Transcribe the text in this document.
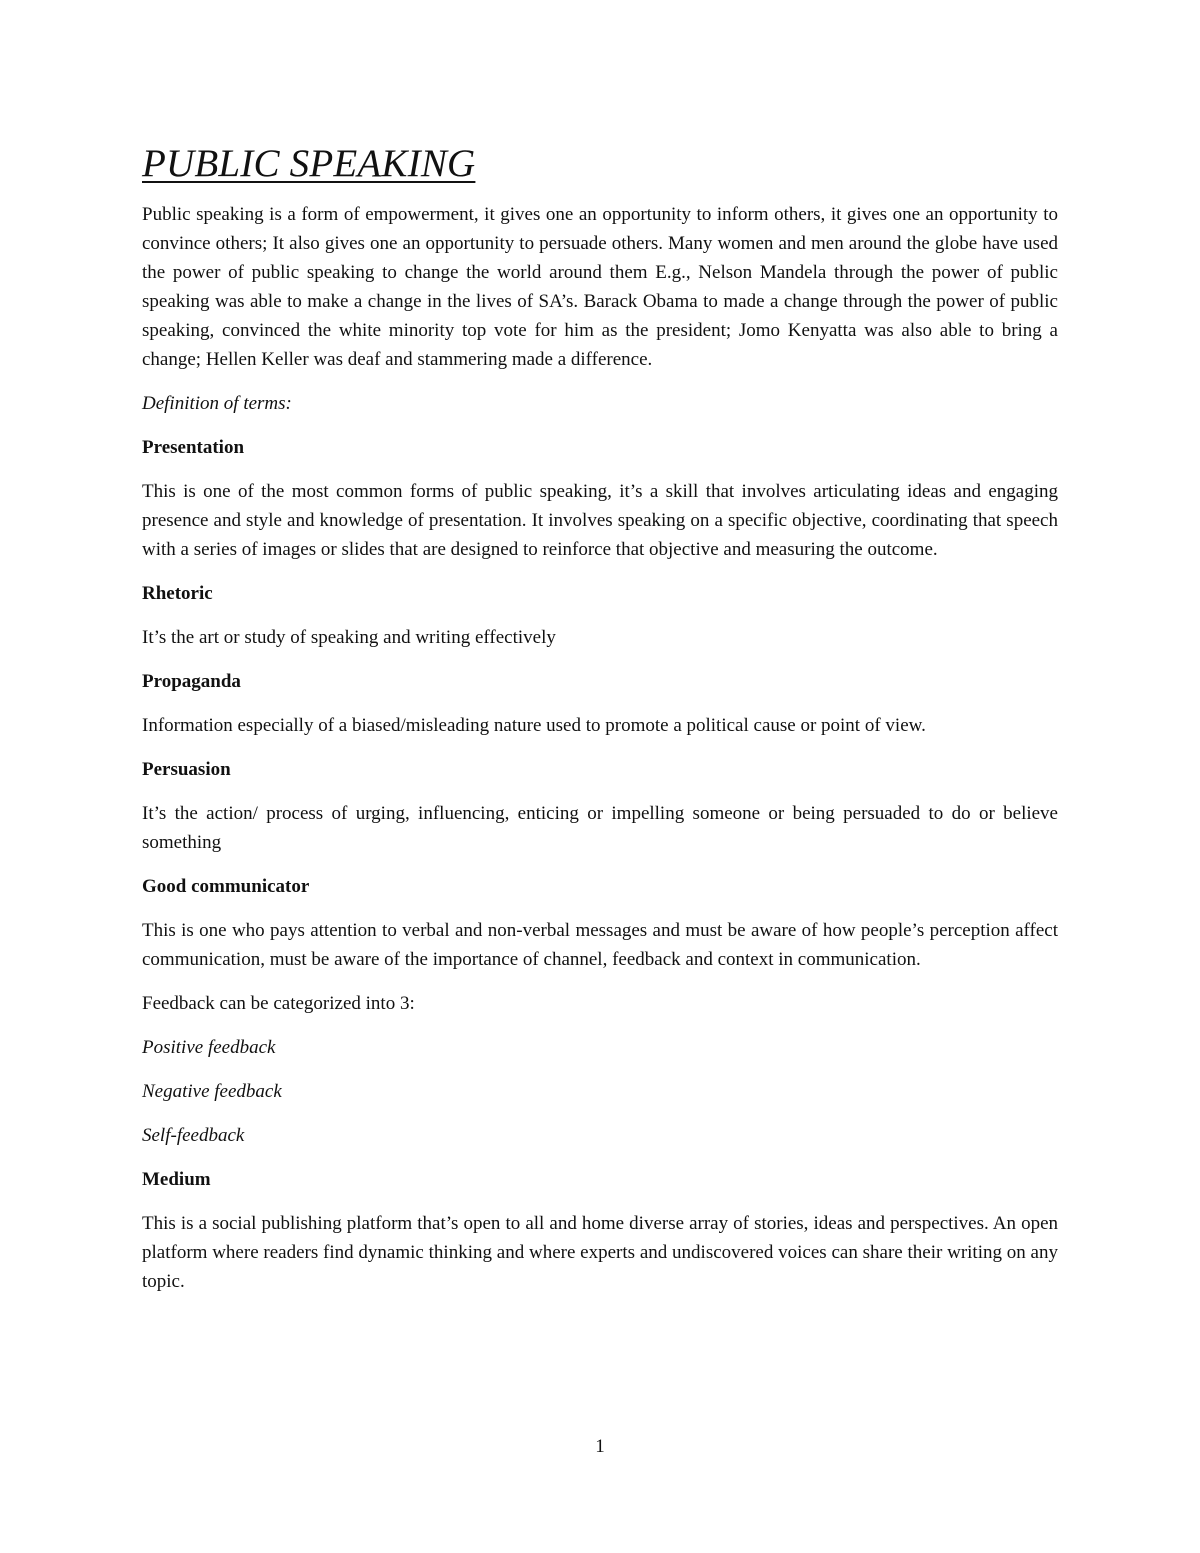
PUBLIC SPEAKING

Public speaking is a form of empowerment, it gives one an opportunity to inform others, it gives one an opportunity to convince others; It also gives one an opportunity to persuade others. Many women and men around the globe have used the power of public speaking to change the world around them E.g., Nelson Mandela through the power of public speaking was able to make a change in the lives of SA’s. Barack Obama to made a change through the power of public speaking, convinced the white minority top vote for him as the president; Jomo Kenyatta was also able to bring a change; Hellen Keller was deaf and stammering made a difference.

Definition of terms:

Presentation

This is one of the most common forms of public speaking, it’s a skill that involves articulating ideas and engaging presence and style and knowledge of presentation. It involves speaking on a specific objective, coordinating that speech with a series of images or slides that are designed to reinforce that objective and measuring the outcome.

Rhetoric

It’s the art or study of speaking and writing effectively

Propaganda

Information especially of a biased/misleading nature used to promote a political cause or point of view.

Persuasion

It’s the action/ process of urging, influencing, enticing or impelling someone or being persuaded to do or believe something

Good communicator

This is one who pays attention to verbal and non-verbal messages and must be aware of how people’s perception affect communication, must be aware of the importance of channel, feedback and context in communication.

Feedback can be categorized into 3:

Positive feedback

Negative feedback

Self-feedback

Medium

This is a social publishing platform that’s open to all and home diverse array of stories, ideas and perspectives. An open platform where readers find dynamic thinking and where experts and undiscovered voices can share their writing on any topic.

1
